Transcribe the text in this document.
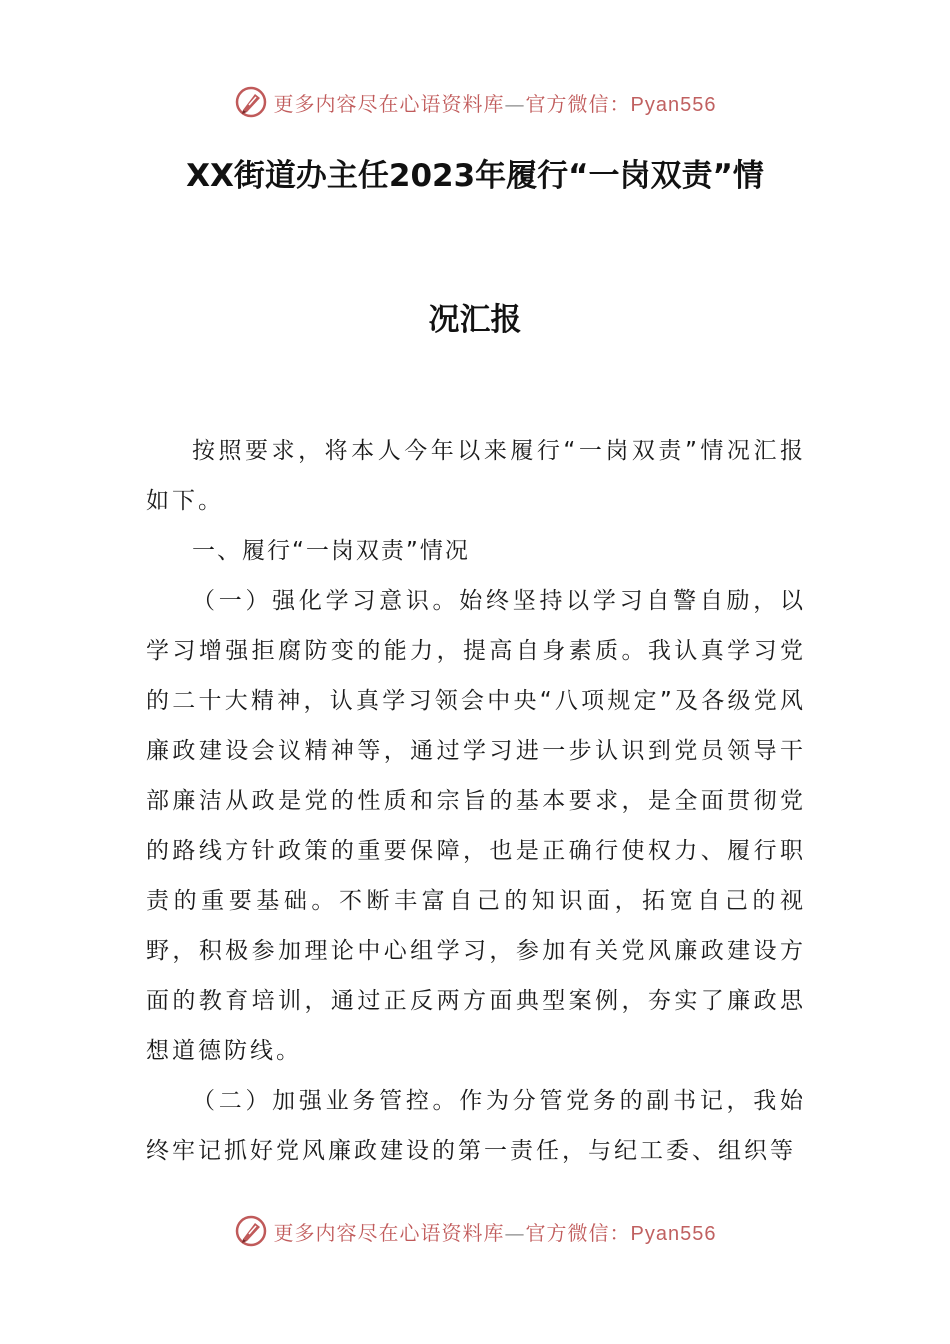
更多内容尽在心语资料库—官方微信：Pyan556
XX街道办主任2023年履行“一岗双责”情
况汇报

按照要求，将本人今年以来履行“一岗双责”情况汇报如下。

一、履行“一岗双责”情况

（一）强化学习意识。始终坚持以学习自警自励，以学习增强拒腐防变的能力，提高自身素质。我认真学习党的二十大精神，认真学习领会中央“八项规定”及各级党风廉政建设会议精神等，通过学习进一步认识到党员领导干部廉洁从政是党的性质和宗旨的基本要求，是全面贯彻党的路线方针政策的重要保障，也是正确行使权力、履行职责的重要基础。不断丰富自己的知识面，拓宽自己的视野，积极参加理论中心组学习，参加有关党风廉政建设方面的教育培训，通过正反两方面典型案例，夯实了廉政思想道德防线。

（二）加强业务管控。作为分管党务的副书记，我始终牢记抓好党风廉政建设的第一责任，与纪工委、组织等

更多内容尽在心语资料库—官方微信：Pyan556
